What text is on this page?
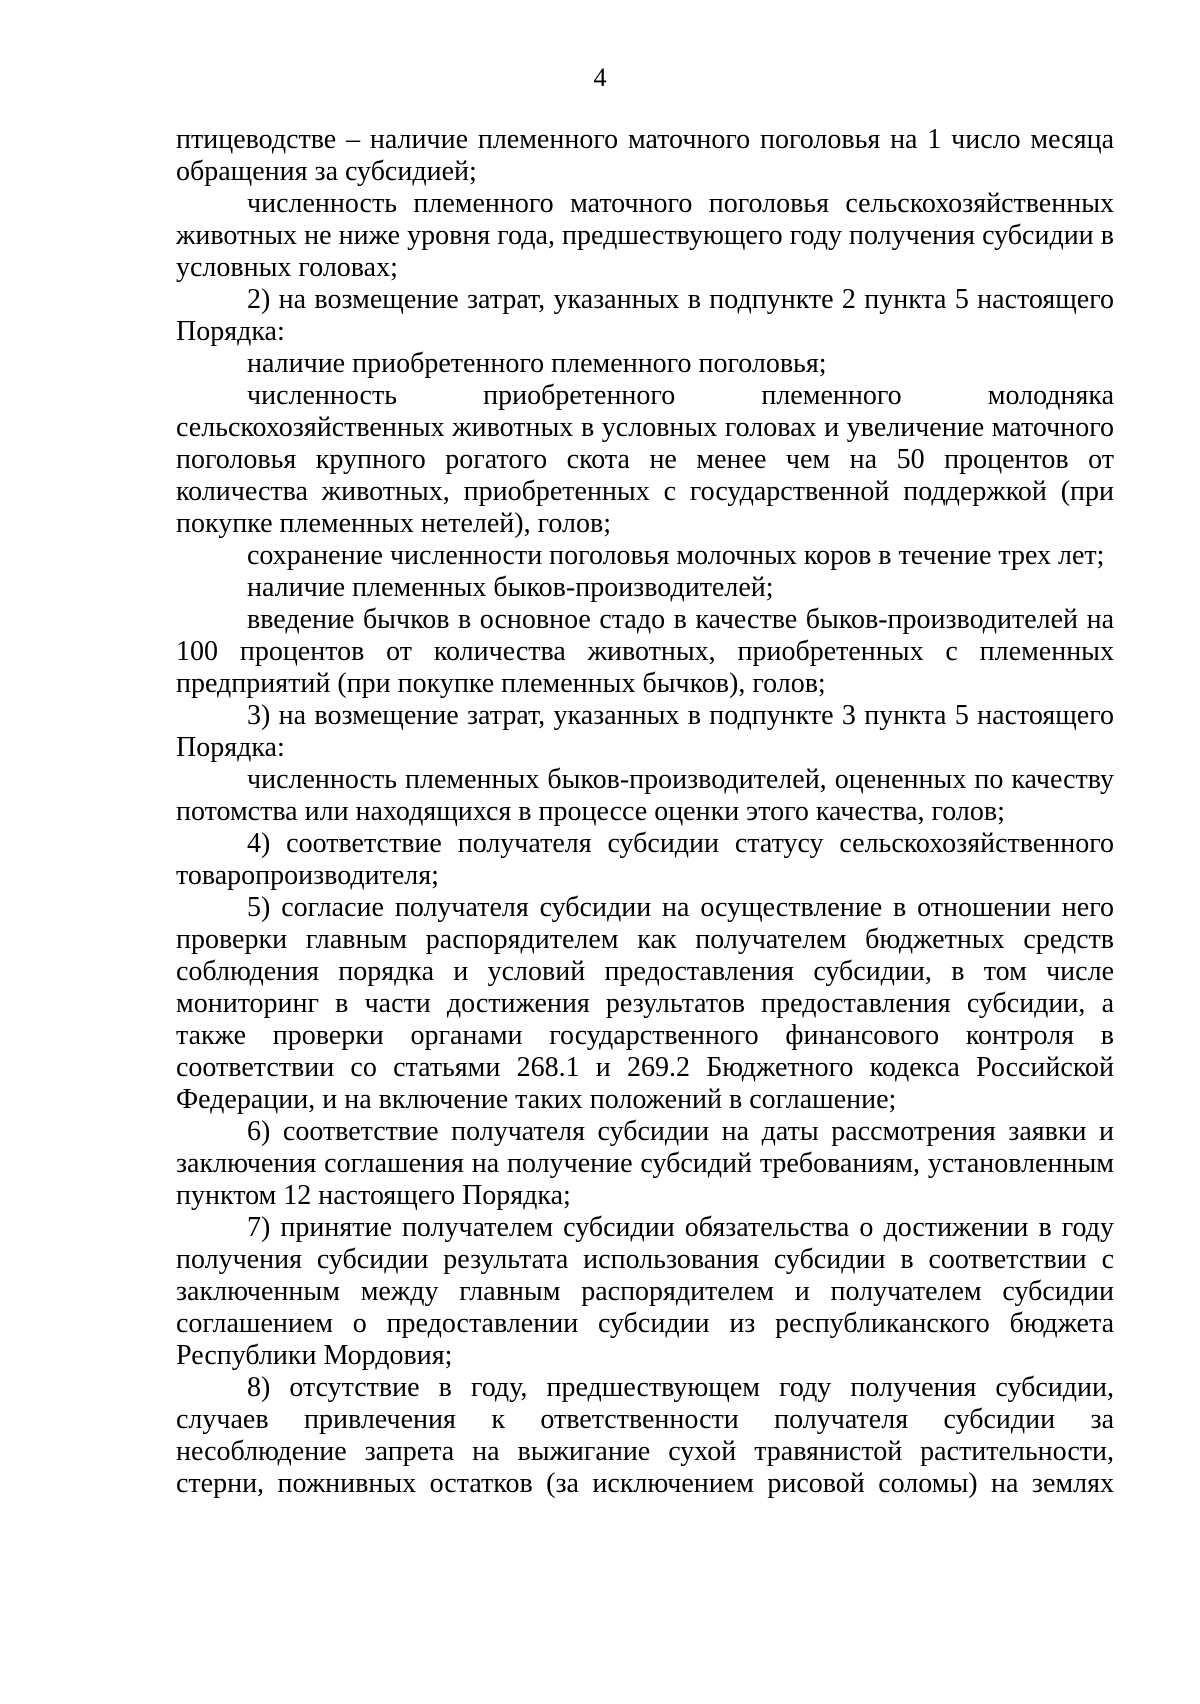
4

птицеводстве – наличие племенного маточного поголовья на 1 число месяца обращения за субсидией;

численность племенного маточного поголовья сельскохозяйственных животных не ниже уровня года, предшествующего году получения субсидии в условных головах;

2) на возмещение затрат, указанных в подпункте 2 пункта 5 настоящего Порядка:

наличие приобретенного племенного поголовья;

численность приобретенного племенного молодняка сельскохозяйственных животных в условных головах и увеличение маточного поголовья крупного рогатого скота не менее чем на 50 процентов от количества животных, приобретенных с государственной поддержкой (при покупке племенных нетелей), голов;

сохранение численности поголовья молочных коров в течение трех лет;

наличие племенных быков-производителей;

введение бычков в основное стадо в качестве быков-производителей на 100 процентов от количества животных, приобретенных с племенных предприятий (при покупке племенных бычков), голов;

3) на возмещение затрат, указанных в подпункте 3 пункта 5 настоящего Порядка:

численность племенных быков-производителей, оцененных по качеству потомства или находящихся в процессе оценки этого качества, голов;

4) соответствие получателя субсидии статусу сельскохозяйственного товаропроизводителя;

5) согласие получателя субсидии на осуществление в отношении него проверки главным распорядителем как получателем бюджетных средств соблюдения порядка и условий предоставления субсидии, в том числе мониторинг в части достижения результатов предоставления субсидии, а также проверки органами государственного финансового контроля в соответствии со статьями 268.1 и 269.2 Бюджетного кодекса Российской Федерации, и на включение таких положений в соглашение;

6) соответствие получателя субсидии на даты рассмотрения заявки и заключения соглашения на получение субсидий требованиям, установленным пунктом 12 настоящего Порядка;

7) принятие получателем субсидии обязательства о достижении в году получения субсидии результата использования субсидии в соответствии с заключенным между главным распорядителем и получателем субсидии соглашением о предоставлении субсидии из республиканского бюджета Республики Мордовия;

8) отсутствие в году, предшествующем году получения субсидии, случаев привлечения к ответственности получателя субсидии за несоблюдение запрета на выжигание сухой травянистой растительности, стерни, пожнивных остатков (за исключением рисовой соломы) на землях
